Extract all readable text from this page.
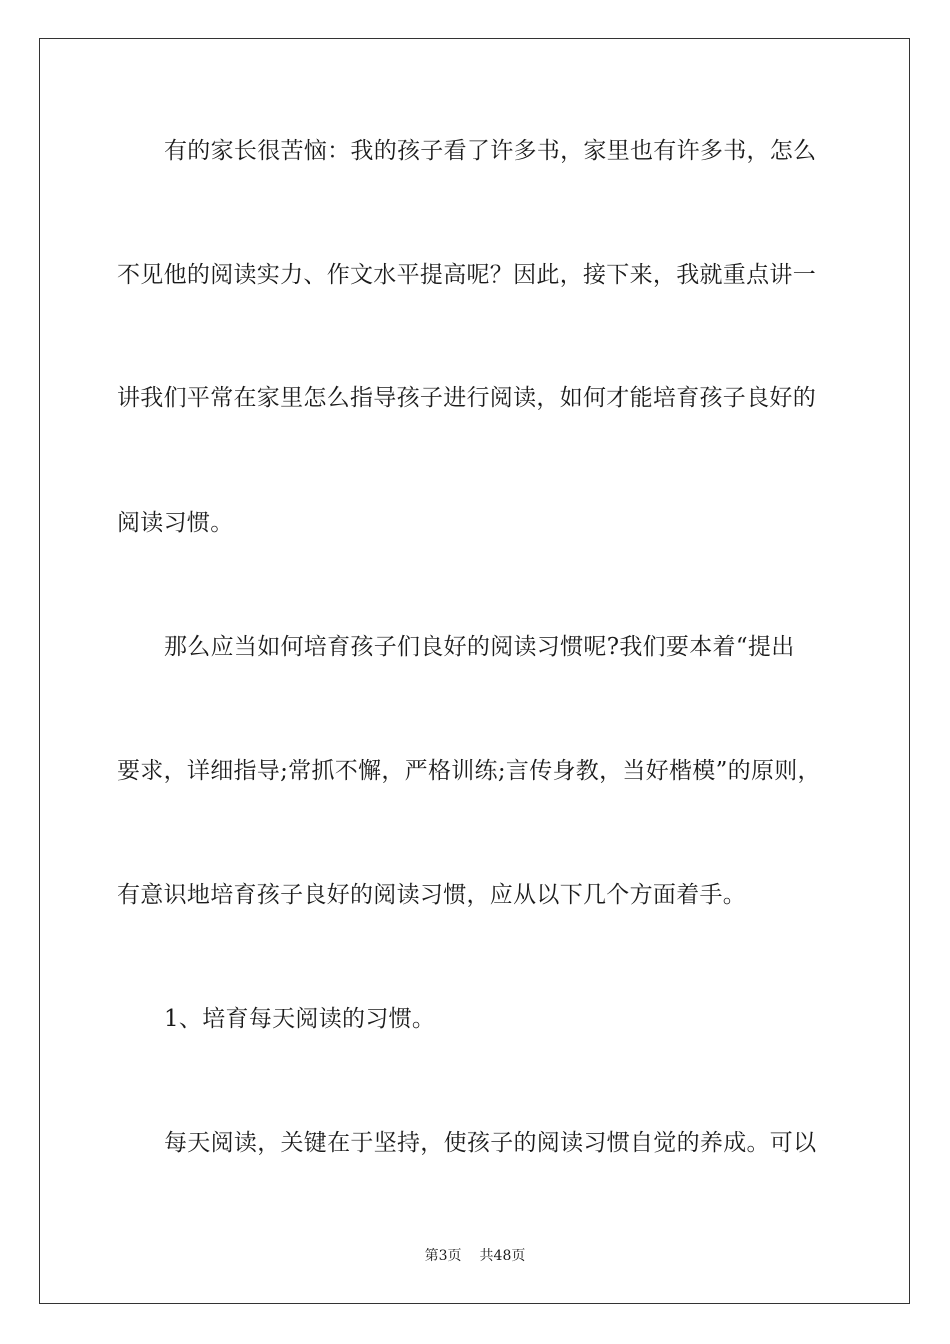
有的家长很苦恼：我的孩子看了许多书，家里也有许多书，怎么
不见他的阅读实力、作文水平提高呢？因此，接下来，我就重点讲一
讲我们平常在家里怎么指导孩子进行阅读，如何才能培育孩子良好的
阅读习惯。
那么应当如何培育孩子们良好的阅读习惯呢?我们要本着“提出
要求，详细指导;常抓不懈，严格训练;言传身教，当好楷模”的原则，
有意识地培育孩子良好的阅读习惯，应从以下几个方面着手。
1、培育每天阅读的习惯。
每天阅读，关键在于坚持，使孩子的阅读习惯自觉的养成。可以
第3页 共48页
